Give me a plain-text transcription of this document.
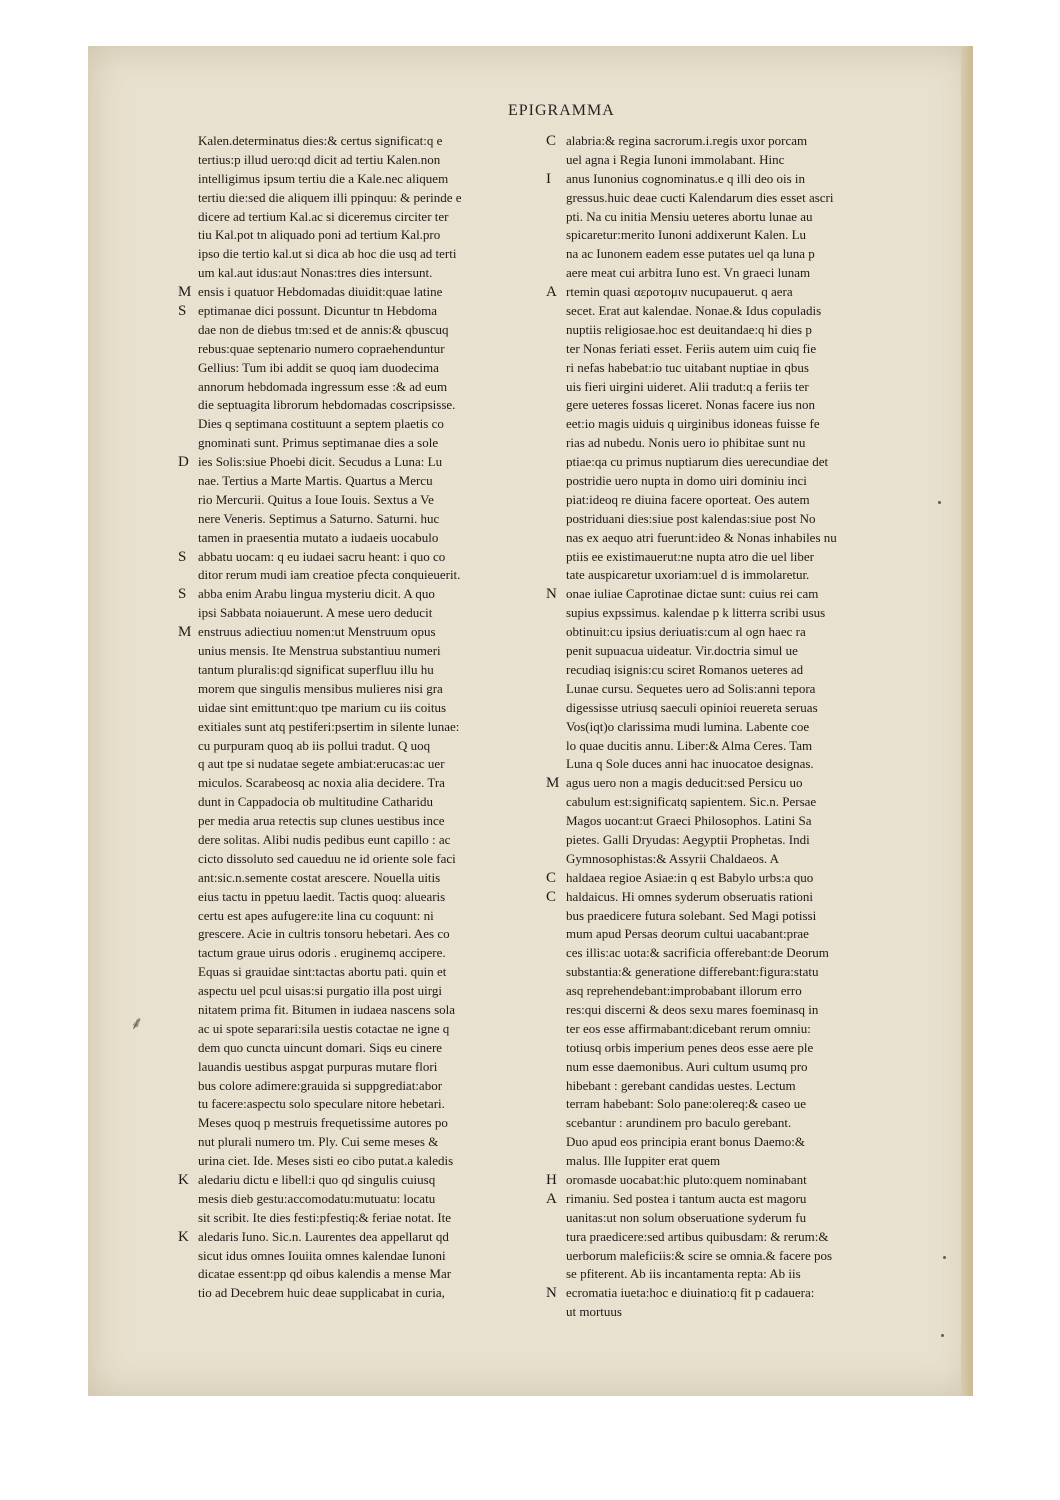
EPIGRAMMA
Kalen.determinatus dies:& certus significat:q e
tertius:p illud uero:qd dicit ad tertiu Kalen.non
intelligimus ipsum tertiu die a Kale.nec aliquem
tertiu die:sed die aliquem illi ppinquu: & perinde e
dicere ad tertium Kal.ac si diceremus circiter ter
tiu Kal.pot tn aliquado poni ad tertium Kal.pro
ipso die tertio kal.ut si dica ab hoc die usq ad terti
um kal.aut idus:aut Nonas:tres dies intersunt.
M ensis i quatuor Hebdomadas diuidit:quae latine
S eptimanae dici possunt. Dicuntur tn Hebdoma
dae non de diebus tm:sed et de annis:& qbuscuq
rebus:quae septenario numero copraehenduntur
Gellius: Tum ibi addit se quoq iam duodecima
annorum hebdomada ingressum esse :& ad eum
die septuagita librorum hebdomadas coscripsisse.
Dies q septimana costituunt a septem plaetis co
gnominati sunt. Primus septimanae dies a sole
D ies Solis:siue Phoebi dicit. Secudus a Luna: Lu
nae. Tertius a Marte Martis. Quartus a Mercu
rio Mercurii. Quitus a Ioue Iouis. Sextus a Ve
nere Veneris. Septimus a Saturno. Saturni. huc
tamen in praesentia mutato a iudaeis uocabulo
S abbatu uocam: q eu iudaei sacru heant: i quo co
ditor rerum mudi iam creatioe pfecta conquieuerit.
S abba enim Arabu lingua mysteriu dicit. A quo
ipsi Sabbata noiauerunt. A mese uero deducit
M enstruus adiectiuu nomen:ut Menstruum opus
unius mensis. Ite Menstrua substantiuu numeri
tantum pluralis:qd significat superfluu illu hu
morem que singulis mensibus mulieres nisi gra
uidae sint emittunt:quo tpe marium cu iis coitus
exitiales sunt atq pestiferi:psertim in silente lunae:
cu purpuram quoq ab iis pollui tradut. Q uoq
q aut tpe si nudatae segete ambiat:erucas:ac uer
miculos. Scarabeosq ac noxia alia decidere. Tra
dunt in Cappadocia ob multitudine Catharidu
per media arua retectis sup clunes uestibus ince
dere solitas. Alibi nudis pedibus eunt capillo : ac
cicto dissoluto sed caueduu ne id oriente sole faci
ant:sic.n.semente costat arescere. Nouella uitis
eius tactu in ppetuu laedit. Tactis quoq: aluearis
certu est apes aufugere:ite lina cu coquunt: ni
grescere. Acie in cultris tonsoru hebetari. Aes co
tactum graue uirus odoris . eruginemq accipere.
Equas si grauidae sint:tactas abortu pati. quin et
aspectu uel pcul uisas:si purgatio illa post uirgi
nitatem prima fit. Bitumen in iudaea nascens sola
ac ui spote separari:sila uestis cotactae ne igne q
dem quo cuncta uincunt domari. Siqs eu cinere
lauandis uestibus aspgat purpuras mutare flori
bus colore adimere:grauida si suppgrediat:abor
tu facere:aspectu solo speculare nitore hebetari.
Meses quoq p mestruis frequetissime autores po
nut plurali numero tm. Ply. Cui seme meses &
urina ciet. Ide. Meses sisti eo cibo putat.a kaledis
K aledariu dictu e libell:i quo qd singulis cuiusq
mesis dieb gestu:accomodatu:mutuatu: locatu
sit scribit. Ite dies festi:pfestiq:& feriae notat. Ite
K aledaris Iuno. Sic.n. Laurentes dea appellarut qd
sicut idus omnes Iouiita omnes kalendae Iunoni
dicatae essent:pp qd oibus kalendis a mense Mar
tio ad Decebrem huic deae supplicabat in curia,
C alabria:& regina sacrorum.i.regis uxor porcam
uel agna i Regia Iunoni immolabant. Hinc
I	anus Iunonius cognominatus.e q illi deo ois in
gressus.huic deae cucti Kalendarum dies esset ascri
pti. Na cu initia Mensiu ueteres abortu lunae au
spicaretur:merito Iunoni addixerunt Kalen. Lu
na ac Iunonem eadem esse putates uel qa luna p
aere meat cui arbitra Iuno est. Vn graeci lunam
A rtemin quasi αεροτομιν nucupauerut. q aera
secet. Erat aut kalendae. Nonae.& Idus copuladis
nuptiis religiosae.hoc est deuitandae:q hi dies p
ter Nonas feriati esset. Feriis autem uim cuiq fie
ri nefas habebat:io tuc uitabant nuptiae in qbus
uis fieri uirgini uideret. Alii tradut:q a feriis ter
gere ueteres fossas liceret. Nonas facere ius non
eet:io magis uiduis q uirginibus idoneas fuisse fe
rias ad nubedu. Nonis uero io phibitae sunt nu
ptiae:qa cu primus nuptiarum dies uerecundiae det
postridie uero nupta in domo uiri dominiu inci
piat:ideoq re diuina facere oporteat. Oes autem
postriduani dies:siue post kalendas:siue post No
nas ex aequo atri fuerunt:ideo & Nonas inhabiles nu
ptiis ee existimauerut:ne nupta atro die uel liber
tate auspicaretur uxoriam:uel d is immolaretur.
N onae iuliae Caprotinae dictae sunt: cuius rei cam
supius expssimus. kalendae p k litterra scribi usus
obtinuit:cu ipsius deriuatis:cum al ogn haec ra
penit supuacua uideatur. Vir.doctria simul ue
recudiaq isignis:cu sciret Romanos ueteres ad
Lunae cursu. Sequetes uero ad Solis:anni tepora
digessisse utriusq saeculi opinioi reuereta seruas
Vos(iqt)o clarissima mudi lumina. Labente coe
lo quae ducitis annu. Liber:& Alma Ceres. Tam
Luna q Sole duces anni hac inuocatoe designas.
M agus uero non a magis deducit:sed Persicu uo
cabulum est:significatq sapientem. Sic.n. Persae
Magos uocant:ut Graeci Philosophos. Latini Sa
pietes. Galli Dryudas: Aegyptii Prophetas. Indi
Gymnosophistas:& Assyrii Chaldaeos. A
C haldaea regioe Asiae:in q est Babylo urbs:a quo
C haldaicus. Hi omnes syderum obseruatis rationi
bus praedicere futura solebant. Sed Magi potissi
mum apud Persas deorum cultui uacabant:prae
ces illis:ac uota:& sacrificia offerebant:de Deorum
substantia:& generatione differebant:figura:statu
asq reprehendebant:improbabant illorum erro
res:qui discerni & deos sexu mares foeminasq in
ter eos esse affirmabant:dicebant rerum omniu:
totiusq orbis imperium penes deos esse aere ple
num esse daemonibus. Auri cultum usumq pro
hibebant : gerebant candidas uestes. Lectum
terram habebant: Solo pane:olereq:& caseo ue
scebantur : arundinem pro baculo gerebant.
Duo apud eos principia erant bonus Daemo:&
malus. Ille Iuppiter erat quem
H oromasde uocabat:hic pluto:quem nominabant
A rimaniu. Sed postea i tantum aucta est magoru
uanitas:ut non solum obseruatione syderum fu
tura praedicere:sed artibus quibusdam: & rerum:&
uerborum maleficiis:& scire se omnia.& facere pos
se pfiterent. Ab iis incantamenta repta: Ab iis
N ecromatia iueta:hoc e diuinatio:q fit p cadauera:
ut mortuus
⸙
